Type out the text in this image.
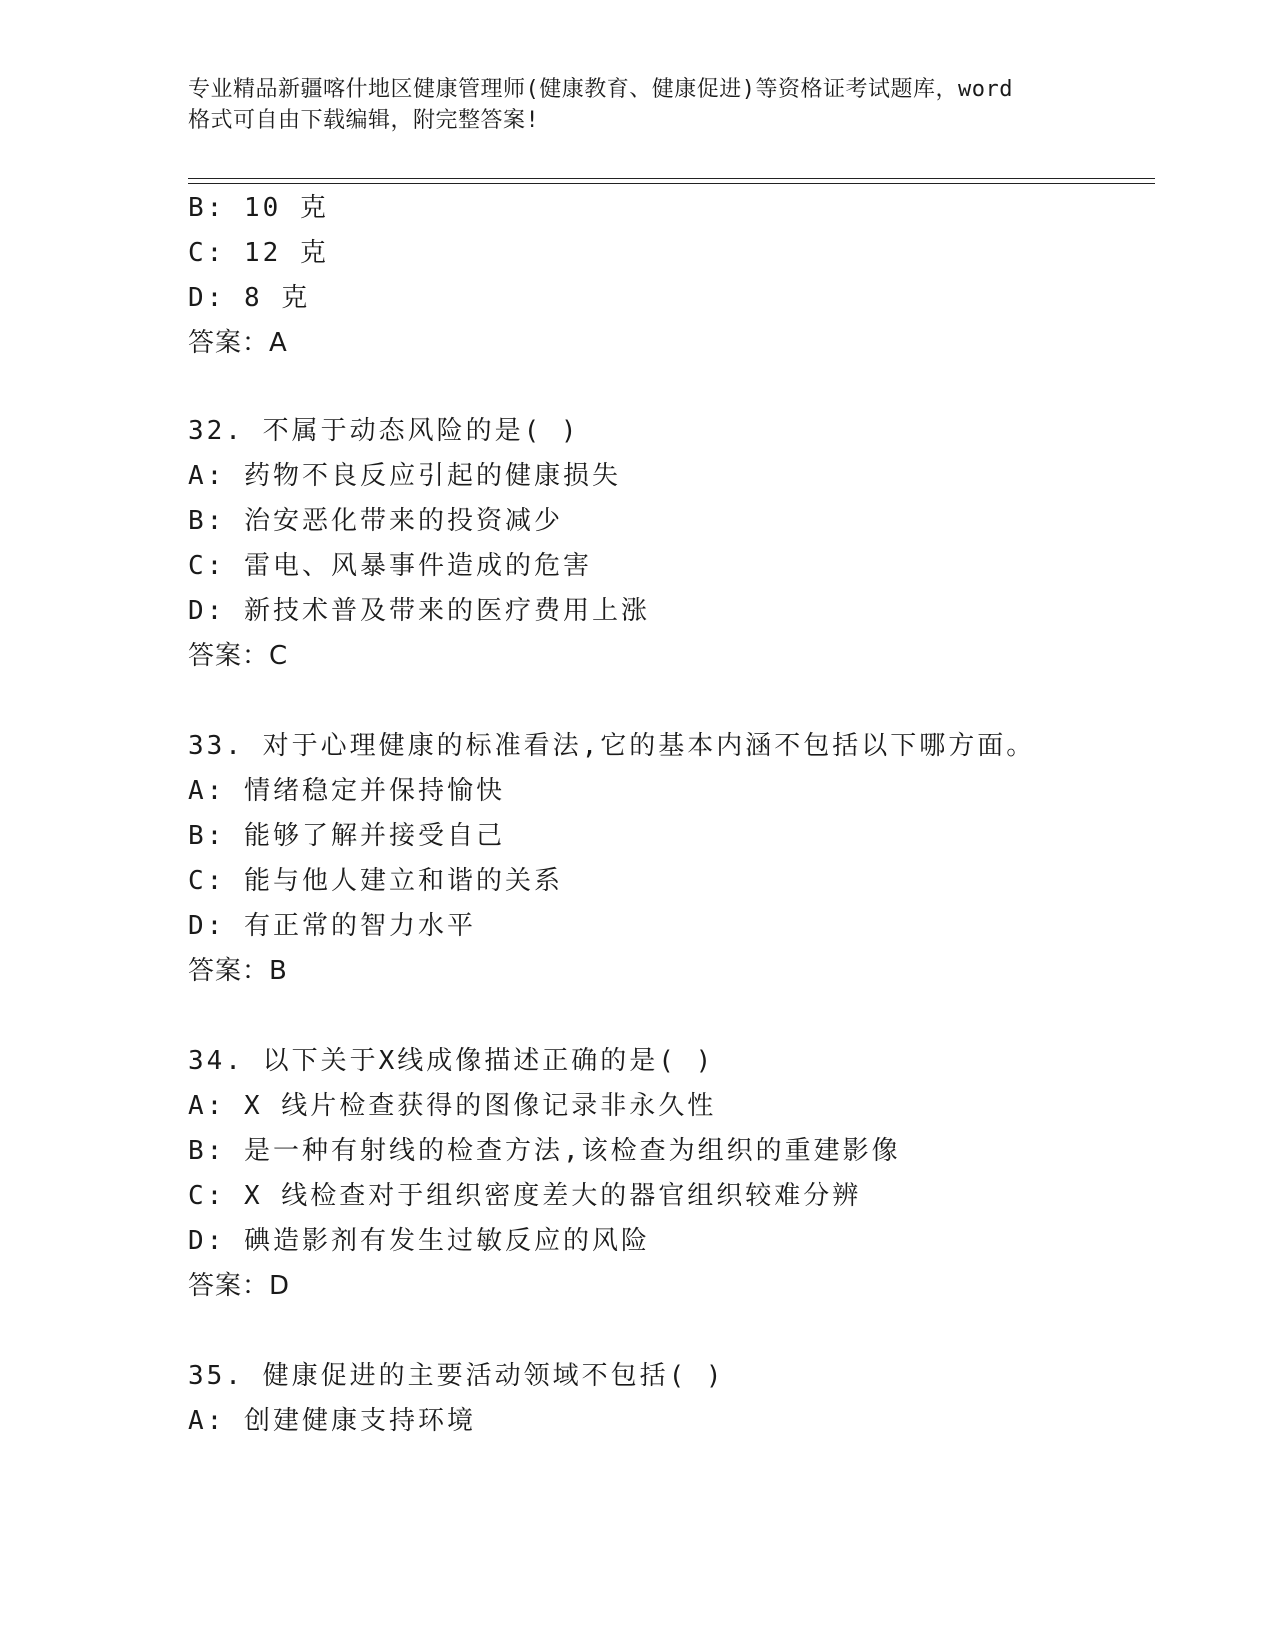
专业精品新疆喀什地区健康管理师(健康教育、健康促进)等资格证考试题库，word
格式可自由下载编辑，附完整答案!
B: 10 克
C: 12 克
D: 8 克
答案：A
32. 不属于动态风险的是( )
A: 药物不良反应引起的健康损失
B: 治安恶化带来的投资减少
C: 雷电、风暴事件造成的危害
D: 新技术普及带来的医疗费用上涨
答案：C
33. 对于心理健康的标准看法,它的基本内涵不包括以下哪方面。
A: 情绪稳定并保持愉快
B: 能够了解并接受自己
C: 能与他人建立和谐的关系
D: 有正常的智力水平
答案：B
34. 以下关于X线成像描述正确的是( )
A: X 线片检查获得的图像记录非永久性
B: 是一种有射线的检查方法,该检查为组织的重建影像
C: X 线检查对于组织密度差大的器官组织较难分辨
D: 碘造影剂有发生过敏反应的风险
答案：D
35. 健康促进的主要活动领域不包括( )
A: 创建健康支持环境
